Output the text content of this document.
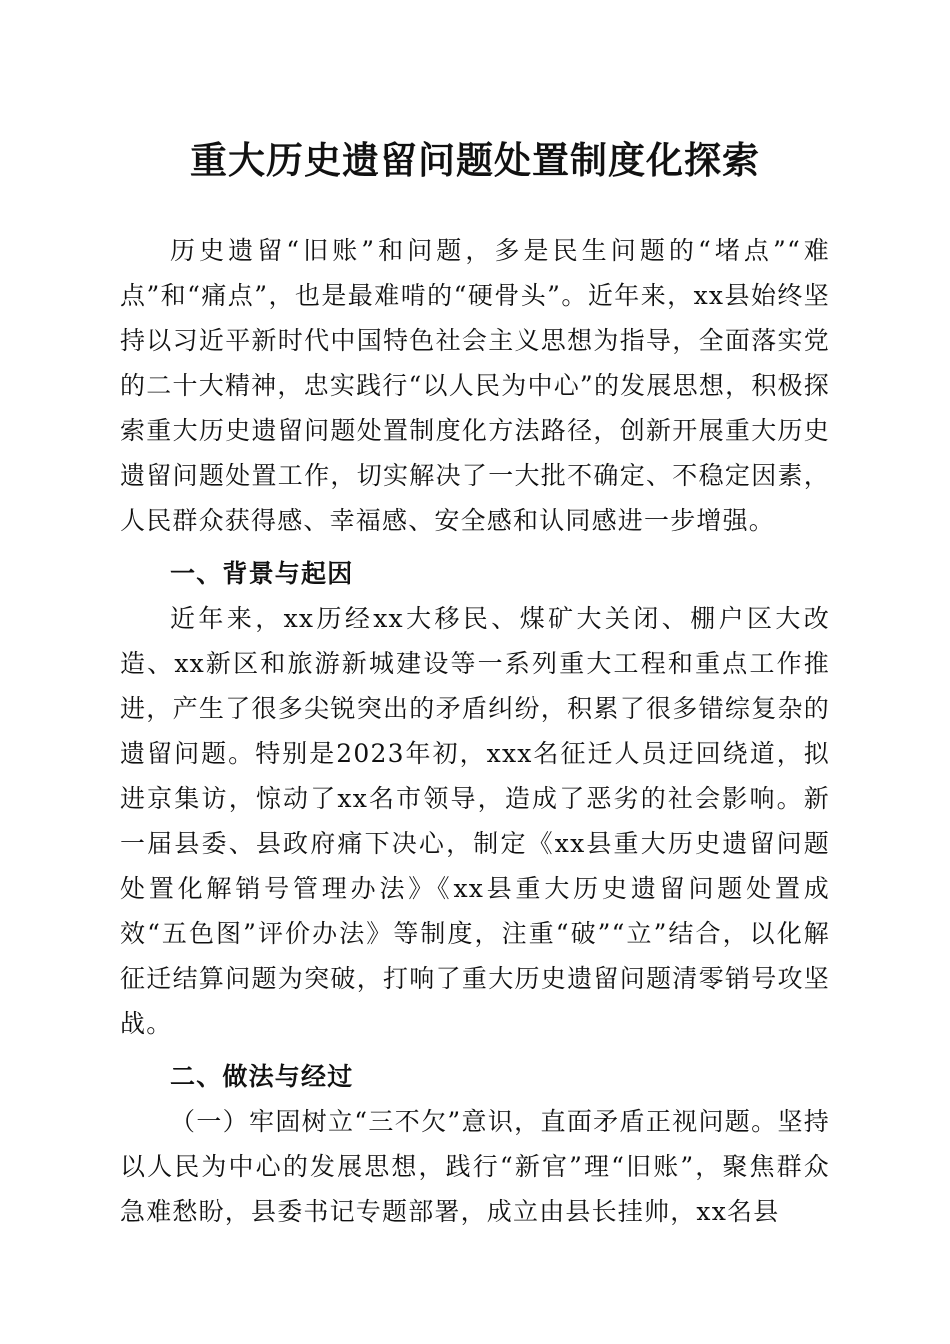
重大历史遗留问题处置制度化探索

历史遗留“旧账”和问题，多是民生问题的“堵点”“难点”和“痛点”，也是最难啃的“硬骨头”。近年来，xx县始终坚持以习近平新时代中国特色社会主义思想为指导，全面落实党的二十大精神，忠实践行“以人民为中心”的发展思想，积极探索重大历史遗留问题处置制度化方法路径，创新开展重大历史遗留问题处置工作，切实解决了一大批不确定、不稳定因素，人民群众获得感、幸福感、安全感和认同感进一步增强。

一、背景与起因

近年来，xx历经xx大移民、煤矿大关闭、棚户区大改造、xx新区和旅游新城建设等一系列重大工程和重点工作推进，产生了很多尖锐突出的矛盾纠纷，积累了很多错综复杂的遗留问题。特别是2023年初，xxx名征迁人员迂回绕道，拟进京集访，惊动了xx名市领导，造成了恶劣的社会影响。新一届县委、县政府痛下决心，制定《xx县重大历史遗留问题处置化解销号管理办法》《xx县重大历史遗留问题处置成效“五色图”评价办法》等制度，注重“破”“立”结合，以化解征迁结算问题为突破，打响了重大历史遗留问题清零销号攻坚战。

二、做法与经过

（一）牢固树立“三不欠”意识，直面矛盾正视问题。坚持以人民为中心的发展思想，践行“新官”理“旧账”，聚焦群众急难愁盼，县委书记专题部署，成立由县长挂帅，xx名县
